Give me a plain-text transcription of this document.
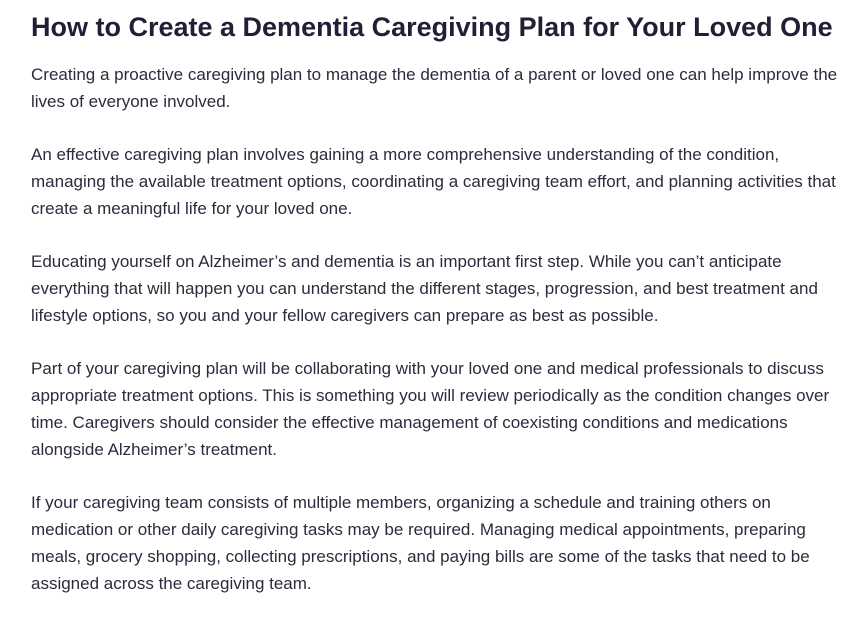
How to Create a Dementia Caregiving Plan for Your Loved One

Creating a proactive caregiving plan to manage the dementia of a parent or loved one can help improve the lives of everyone involved.

An effective caregiving plan involves gaining a more comprehensive understanding of the condition, managing the available treatment options, coordinating a caregiving team effort, and planning activities that create a meaningful life for your loved one.

Educating yourself on Alzheimer’s and dementia is an important first step. While you can’t anticipate everything that will happen you can understand the different stages, progression, and best treatment and lifestyle options, so you and your fellow caregivers can prepare as best as possible.

Part of your caregiving plan will be collaborating with your loved one and medical professionals to discuss appropriate treatment options. This is something you will review periodically as the condition changes over time. Caregivers should consider the effective management of coexisting conditions and medications alongside Alzheimer’s treatment.

If your caregiving team consists of multiple members, organizing a schedule and training others on medication or other daily caregiving tasks may be required. Managing medical appointments, preparing meals, grocery shopping, collecting prescriptions, and paying bills are some of the tasks that need to be assigned across the caregiving team.
